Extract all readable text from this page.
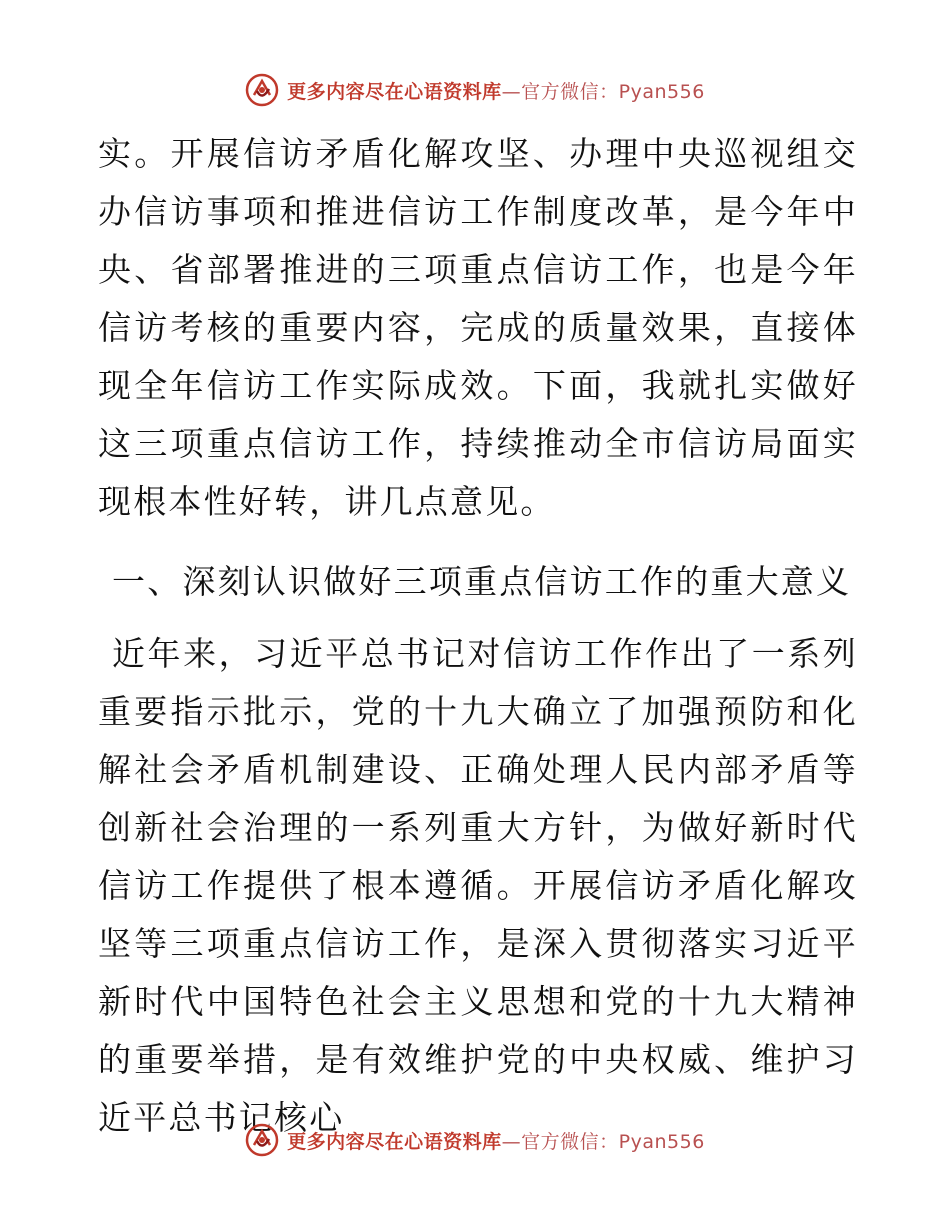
更多内容尽在心语资料库—官方微信：Pyan556

实。开展信访矛盾化解攻坚、办理中央巡视组交办信访事项和推进信访工作制度改革，是今年中央、省部署推进的三项重点信访工作，也是今年信访考核的重要内容，完成的质量效果，直接体现全年信访工作实际成效。下面，我就扎实做好这三项重点信访工作，持续推动全市信访局面实现根本性好转，讲几点意见。

一、深刻认识做好三项重点信访工作的重大意义

近年来，习近平总书记对信访工作作出了一系列重要指示批示，党的十九大确立了加强预防和化解社会矛盾机制建设、正确处理人民内部矛盾等创新社会治理的一系列重大方针，为做好新时代信访工作提供了根本遵循。开展信访矛盾化解攻坚等三项重点信访工作，是深入贯彻落实习近平新时代中国特色社会主义思想和党的十九大精神的重要举措，是有效维护党的中央权威、维护习近平总书记核心

更多内容尽在心语资料库—官方微信：Pyan556
